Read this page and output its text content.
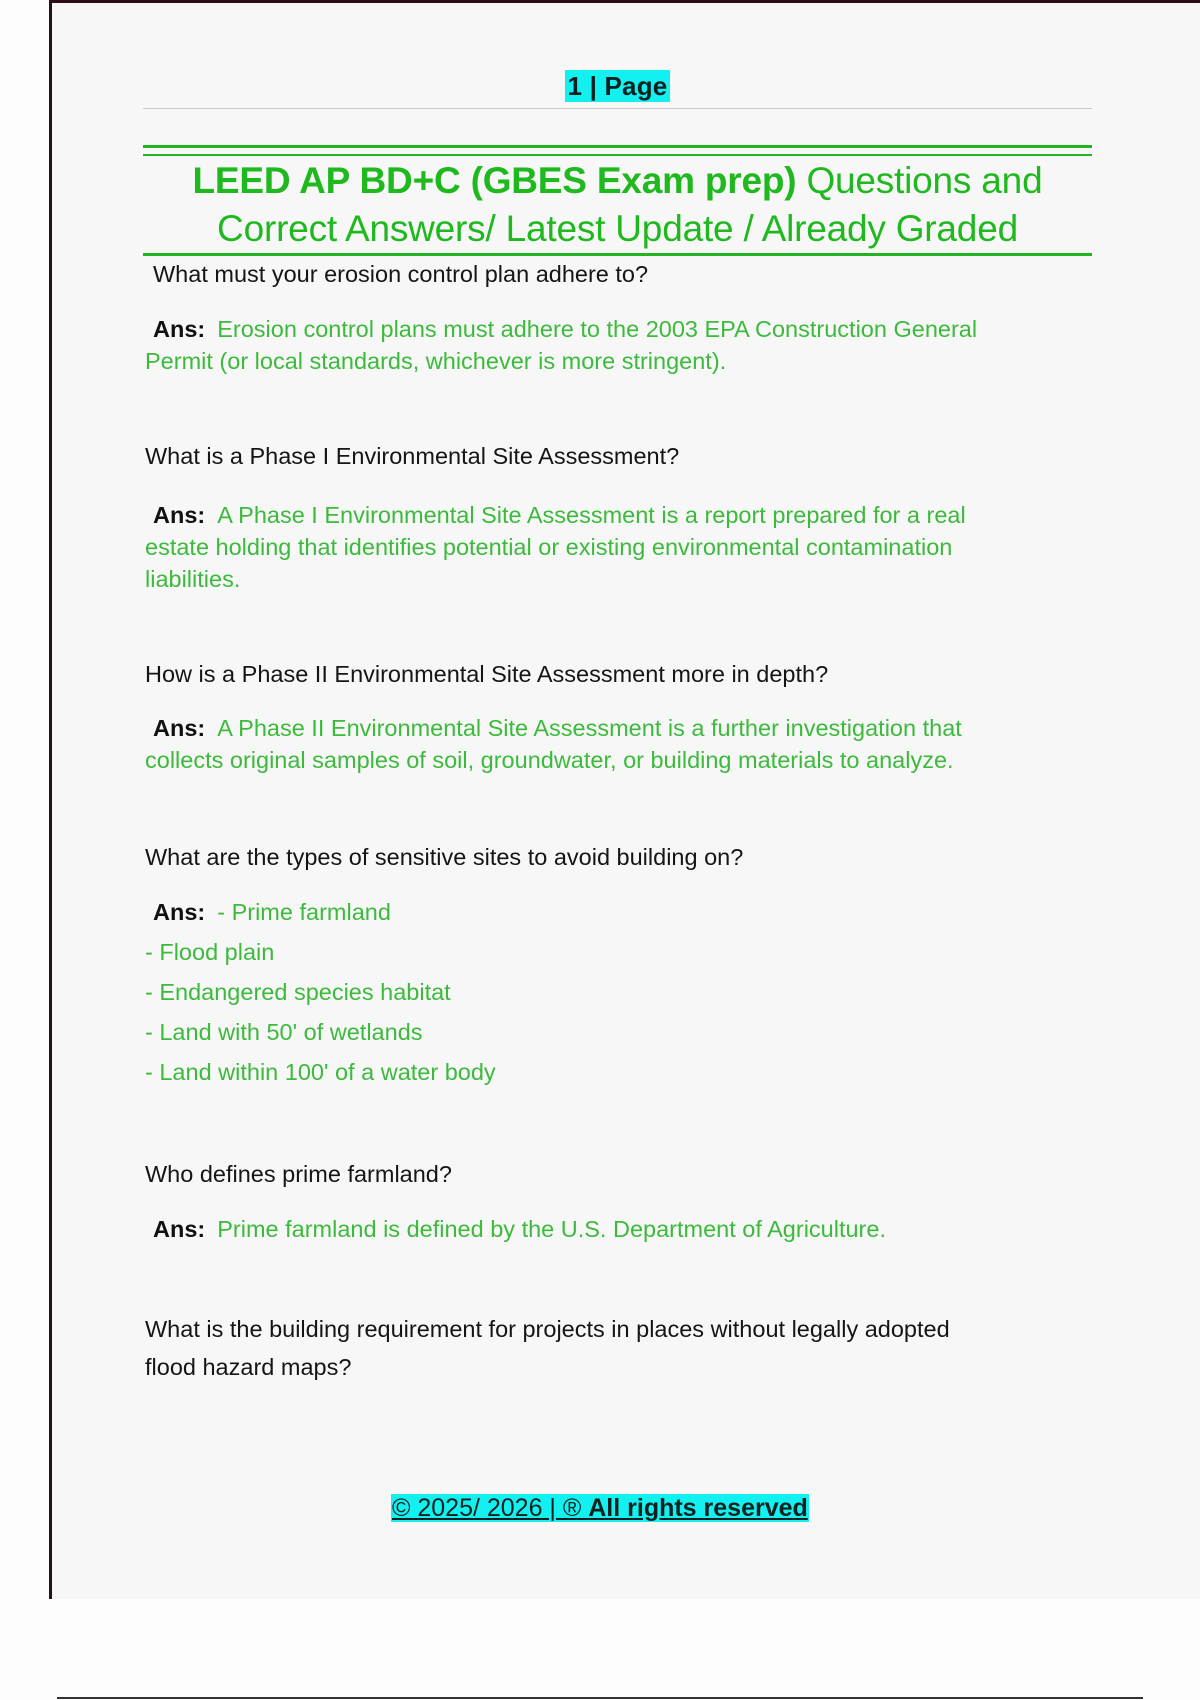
1 | Page
LEED AP BD+C (GBES Exam prep) Questions and
Correct Answers/ Latest Update / Already Graded
What must your erosion control plan adhere to?
Ans: Erosion control plans must adhere to the 2003 EPA Construction General
Permit (or local standards, whichever is more stringent).
What is a Phase I Environmental Site Assessment?
Ans: A Phase I Environmental Site Assessment is a report prepared for a real
estate holding that identifies potential or existing environmental contamination
liabilities.
How is a Phase II Environmental Site Assessment more in depth?
Ans: A Phase II Environmental Site Assessment is a further investigation that
collects original samples of soil, groundwater, or building materials to analyze.
What are the types of sensitive sites to avoid building on?
Ans: - Prime farmland
- Flood plain
- Endangered species habitat
- Land with 50' of wetlands
- Land within 100' of a water body
Who defines prime farmland?
Ans: Prime farmland is defined by the U.S. Department of Agriculture.
What is the building requirement for projects in places without legally adopted
flood hazard maps?
© 2025/ 2026 | ® All rights reserved
